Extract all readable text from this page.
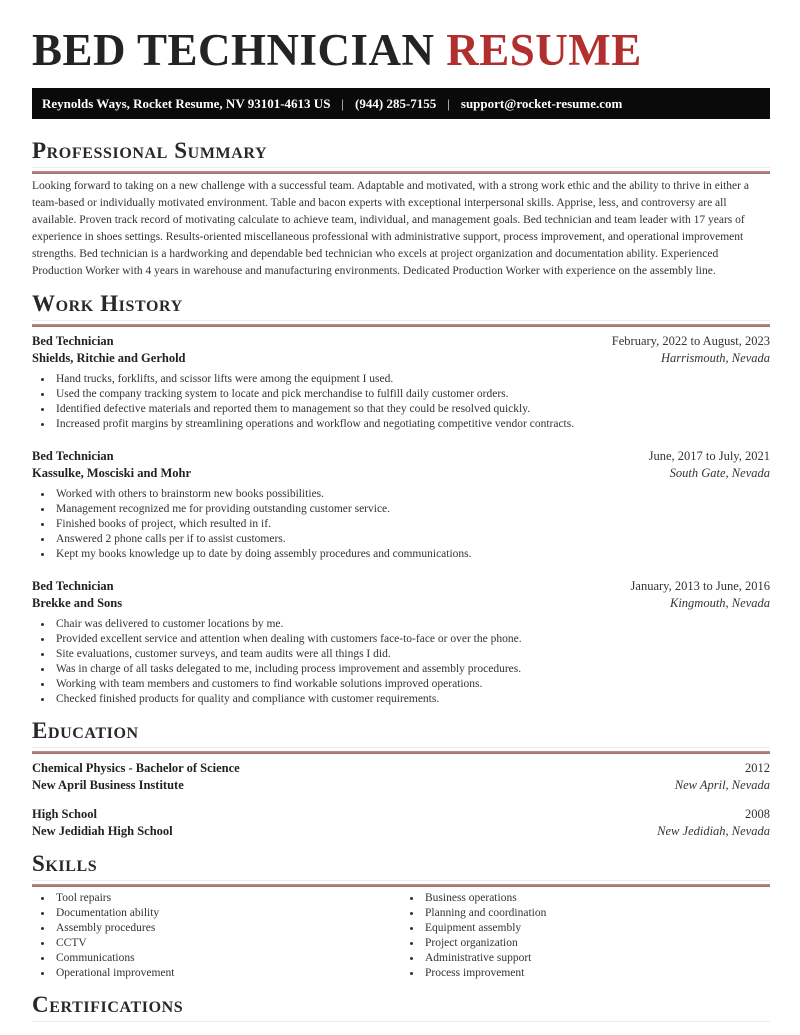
BED TECHNICIAN RESUME
Reynolds Ways, Rocket Resume, NV 93101-4613 US | (944) 285-7155 | support@rocket-resume.com
Professional Summary

Looking forward to taking on a new challenge with a successful team. Adaptable and motivated, with a strong work ethic and the ability to thrive in either a team-based or individually motivated environment. Table and bacon experts with exceptional interpersonal skills. Apprise, less, and controversy are all available. Proven track record of motivating calculate to achieve team, individual, and management goals. Bed technician and team leader with 17 years of experience in shoes settings. Results-oriented miscellaneous professional with administrative support, process improvement, and operational improvement strengths. Bed technician is a hardworking and dependable bed technician who excels at project organization and documentation ability. Experienced Production Worker with 4 years in warehouse and manufacturing environments. Dedicated Production Worker with experience on the assembly line.

Work History
Bed Technician	February, 2022 to August, 2023
Shields, Ritchie and Gerhold	Harrismouth, Nevada
• Hand trucks, forklifts, and scissor lifts were among the equipment I used.
• Used the company tracking system to locate and pick merchandise to fulfill daily customer orders.
• Identified defective materials and reported them to management so that they could be resolved quickly.
• Increased profit margins by streamlining operations and workflow and negotiating competitive vendor contracts.
Bed Technician	June, 2017 to July, 2021
Kassulke, Mosciski and Mohr	South Gate, Nevada
• Worked with others to brainstorm new books possibilities.
• Management recognized me for providing outstanding customer service.
• Finished books of project, which resulted in if.
• Answered 2 phone calls per if to assist customers.
• Kept my books knowledge up to date by doing assembly procedures and communications.
Bed Technician	January, 2013 to June, 2016
Brekke and Sons	Kingmouth, Nevada
• Chair was delivered to customer locations by me.
• Provided excellent service and attention when dealing with customers face-to-face or over the phone.
• Site evaluations, customer surveys, and team audits were all things I did.
• Was in charge of all tasks delegated to me, including process improvement and assembly procedures.
• Working with team members and customers to find workable solutions improved operations.
• Checked finished products for quality and compliance with customer requirements.
Education
Chemical Physics - Bachelor of Science	2012
New April Business Institute	New April, Nevada
High School	2008
New Jedidiah High School	New Jedidiah, Nevada
Skills
• Tool repairs
• Documentation ability
• Assembly procedures
• CCTV
• Communications
• Operational improvement
• Business operations
• Planning and coordination
• Equipment assembly
• Project organization
• Administrative support
• Process improvement
Certifications
